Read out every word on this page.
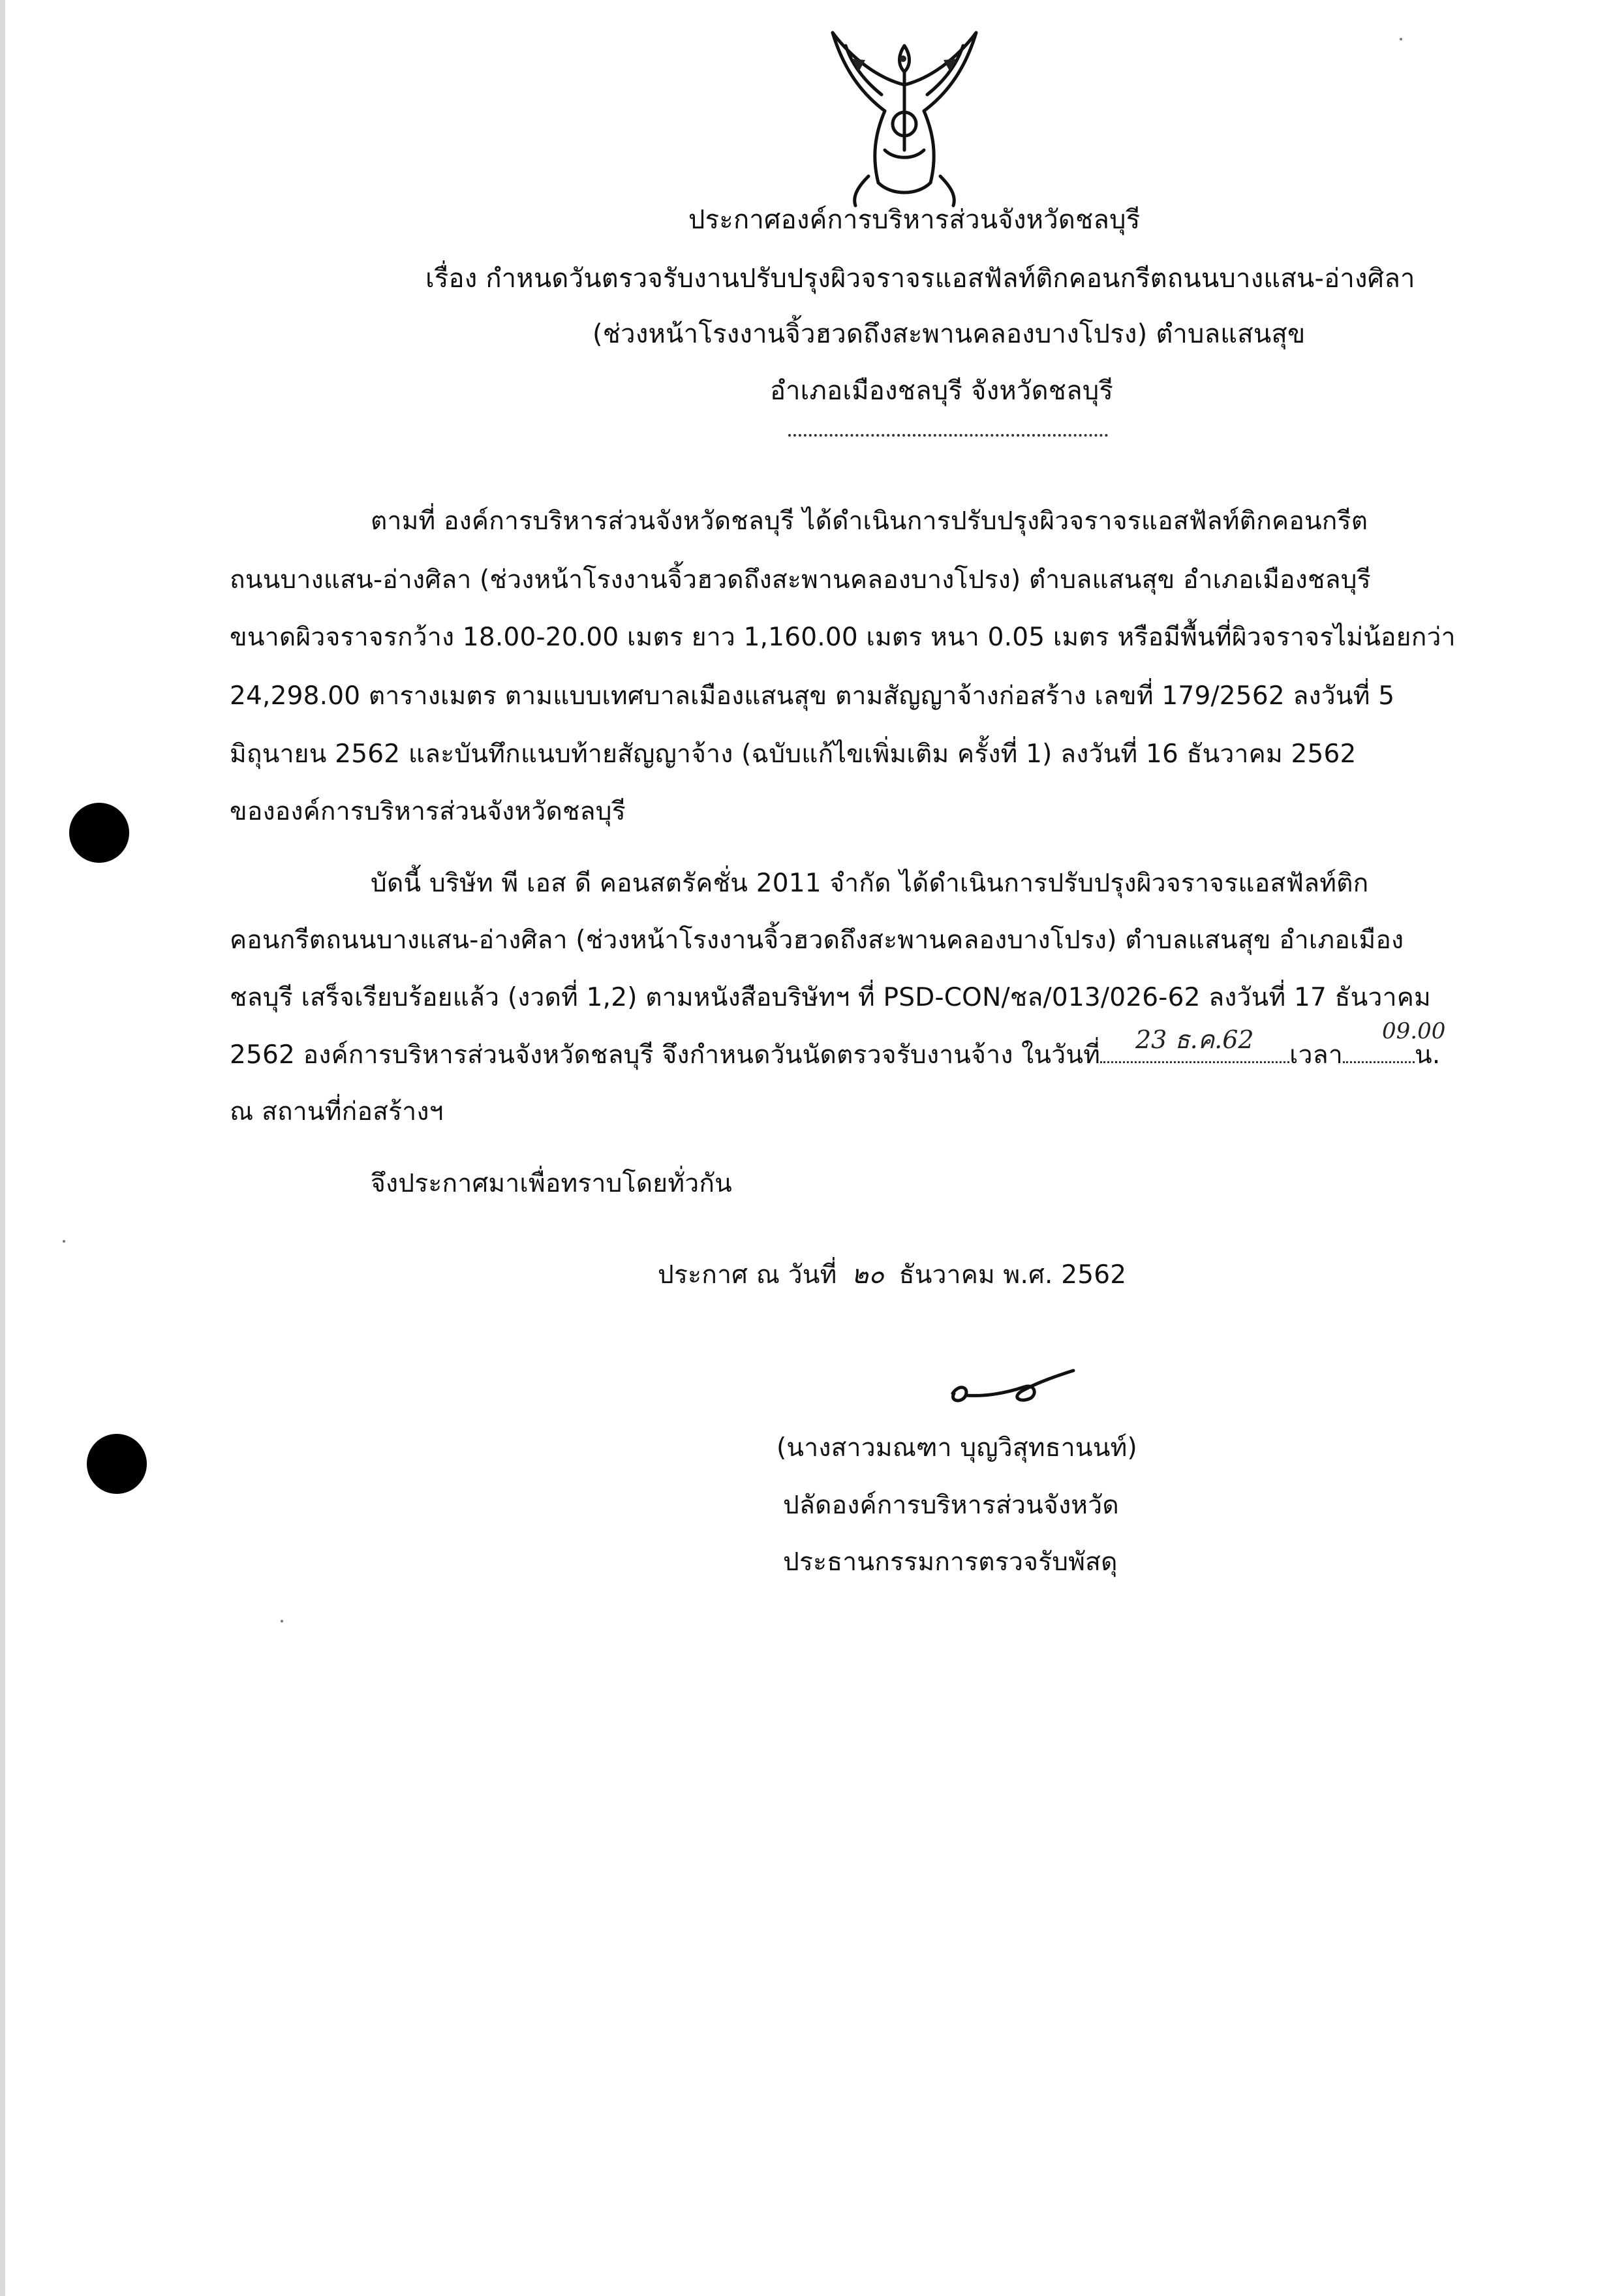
ประกาศองค์การบริหารส่วนจังหวัดชลบุรี
เรื่อง กำหนดวันตรวจรับงานปรับปรุงผิวจราจรแอสฟัลท์ติกคอนกรีตถนนบางแสน-อ่างศิลา
(ช่วงหน้าโรงงานจิ้วฮวดถึงสะพานคลองบางโปรง) ตำบลแสนสุข
อำเภอเมืองชลบุรี จังหวัดชลบุรี
ตามที่ องค์การบริหารส่วนจังหวัดชลบุรี ได้ดำเนินการปรับปรุงผิวจราจรแอสฟัลท์ติกคอนกรีต
ถนนบางแสน-อ่างศิลา (ช่วงหน้าโรงงานจิ้วฮวดถึงสะพานคลองบางโปรง) ตำบลแสนสุข อำเภอเมืองชลบุรี
ขนาดผิวจราจรกว้าง 18.00-20.00 เมตร ยาว 1,160.00 เมตร หนา 0.05 เมตร หรือมีพื้นที่ผิวจราจรไม่น้อยกว่า
24,298.00 ตารางเมตร ตามแบบเทศบาลเมืองแสนสุข ตามสัญญาจ้างก่อสร้าง เลขที่ 179/2562 ลงวันที่ 5
มิถุนายน 2562 และบันทึกแนบท้ายสัญญาจ้าง (ฉบับแก้ไขเพิ่มเติม ครั้งที่ 1) ลงวันที่ 16 ธันวาคม 2562
ขององค์การบริหารส่วนจังหวัดชลบุรี
บัดนี้ บริษัท พี เอส ดี คอนสตรัคชั่น 2011 จำกัด ได้ดำเนินการปรับปรุงผิวจราจรแอสฟัลท์ติก
คอนกรีตถนนบางแสน-อ่างศิลา (ช่วงหน้าโรงงานจิ้วฮวดถึงสะพานคลองบางโปรง) ตำบลแสนสุข อำเภอเมือง
ชลบุรี เสร็จเรียบร้อยแล้ว (งวดที่ 1,2) ตามหนังสือบริษัทฯ ที่ PSD-CON/ชล/013/026-62 ลงวันที่ 17 ธันวาคม
2562 องค์การบริหารส่วนจังหวัดชลบุรี จึงกำหนดวันนัดตรวจรับงานจ้าง ในวันที่	เวลา	น.
23 ธ.ค.62	09.00
ณ สถานที่ก่อสร้างฯ
จึงประกาศมาเพื่อทราบโดยทั่วกัน
ประกาศ ณ วันที่ ๒๐ ธันวาคม พ.ศ. 2562
(นางสาวมณฑา บุญวิสุทธานนท์)
ปลัดองค์การบริหารส่วนจังหวัด
ประธานกรรมการตรวจรับพัสดุ
